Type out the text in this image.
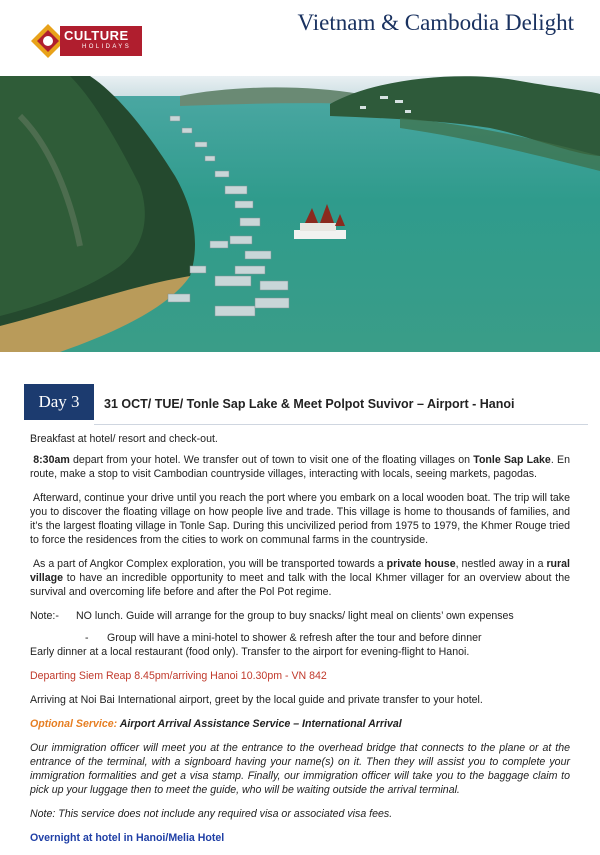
CULTURE
HOLIDAYS
Vietnam & Cambodia Delight
Day 3	31 OCT/ TUE/ Tonle Sap Lake & Meet Polpot Suvivor – Airport - Hanoi

Breakfast at hotel/ resort and check-out.

8:30am depart from your hotel. We transfer out of town to visit one of the floating villages on Tonle Sap Lake. En route, make a stop to visit Cambodian countryside villages, interacting with locals, seeing markets, pagodas.

Afterward, continue your drive until you reach the port where you embark on a local wooden boat. The trip will take you to discover the floating village on how people live and trade. This village is home to thousands of families, and it’s the largest floating village in Tonle Sap. During this uncivilized period from 1975 to 1979, the Khmer Rouge tried to force the residences from the cities to work on communal farms in the countryside.

As a part of Angkor Complex exploration, you will be transported towards a private house, nestled away in a rural village to have an incredible opportunity to meet and talk with the local Khmer villager for an overview about the survival and overcoming life before and after the Pol Pot regime.

Note:-	NO lunch. Guide will arrange for the group to buy snacks/ light meal on clients’ own expenses
- Group will have a mini-hotel to shower & refresh after the tour and before dinner

Early dinner at a local restaurant (food only). Transfer to the airport for evening-flight to Hanoi.

Departing Siem Reap 8.45pm/arriving Hanoi 10.30pm - VN 842

Arriving at Noi Bai International airport, greet by the local guide and private transfer to your hotel.

Optional Service: Airport Arrival Assistance Service – International Arrival

Our immigration officer will meet you at the entrance to the overhead bridge that connects to the plane or at the entrance of the terminal, with a signboard having your name(s) on it. Then they will assist you to complete your immigration formalities and get a visa stamp. Finally, our immigration officer will take you to the baggage claim to pick up your luggage then to meet the guide, who will be waiting outside the arrival terminal.

Note: This service does not include any required visa or associated visa fees.

Overnight at hotel in Hanoi/Melia Hotel
